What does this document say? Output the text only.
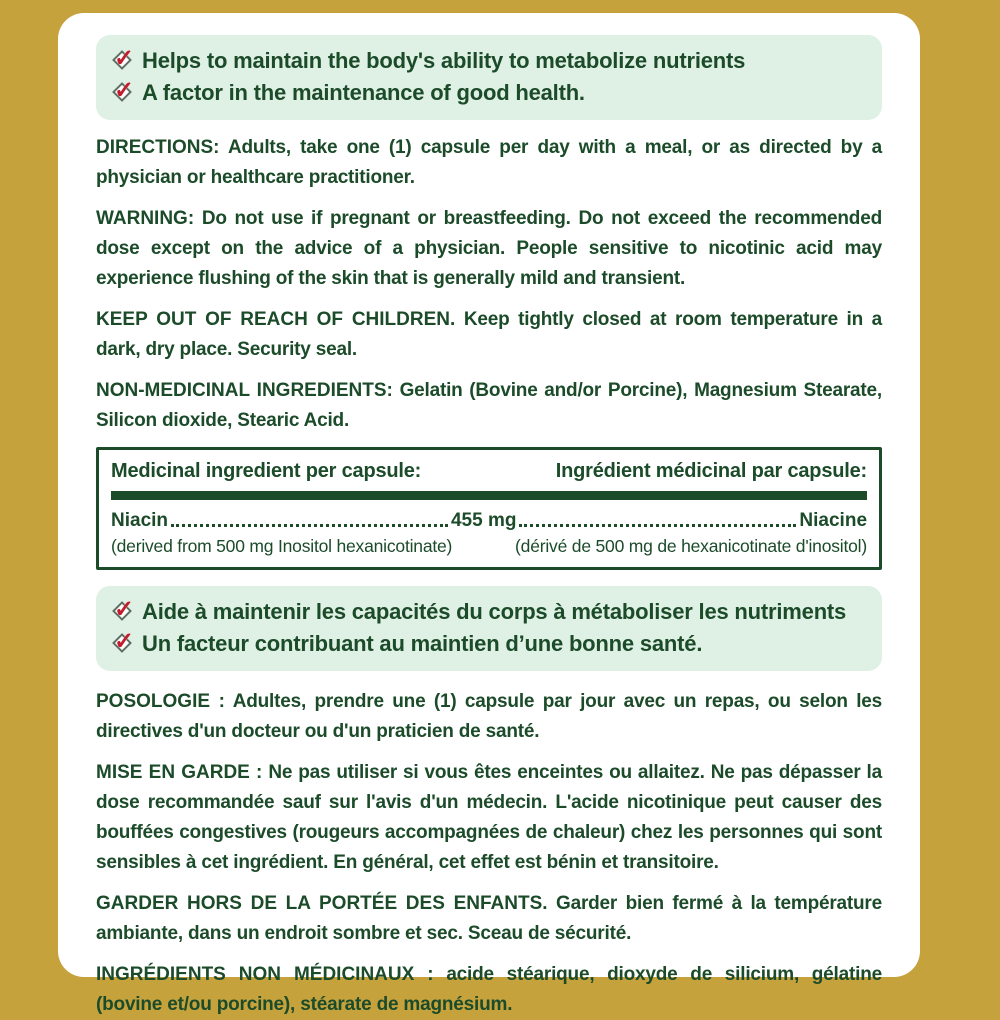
✓ Helps to maintain the body's ability to metabolize nutrients
✓ A factor in the maintenance of good health.

DIRECTIONS: Adults, take one (1) capsule per day with a meal, or as directed by a physician or healthcare practitioner.

WARNING: Do not use if pregnant or breastfeeding. Do not exceed the recommended dose except on the advice of a physician. People sensitive to nicotinic acid may experience flushing of the skin that is generally mild and transient.

KEEP OUT OF REACH OF CHILDREN. Keep tightly closed at room temperature in a dark, dry place. Security seal.

NON-MEDICINAL INGREDIENTS: Gelatin (Bovine and/or Porcine), Magnesium Stearate, Silicon dioxide, Stearic Acid.

Medicinal ingredient per capsule:	Ingrédient médicinal par capsule:
Niacin	455 mg	Niacine
(derived from 500 mg Inositol hexanicotinate)	(dérivé de 500 mg de hexanicotinate d'inositol)
✓ Aide à maintenir les capacités du corps à métaboliser les nutriments
✓ Un facteur contribuant au maintien d’une bonne santé.

POSOLOGIE : Adultes, prendre une (1) capsule par jour avec un repas, ou selon les directives d'un docteur ou d'un praticien de santé.

MISE EN GARDE : Ne pas utiliser si vous êtes enceintes ou allaitez. Ne pas dépasser la dose recommandée sauf sur l'avis d'un médecin. L'acide nicotinique peut causer des bouffées congestives (rougeurs accompagnées de chaleur) chez les personnes qui sont sensibles à cet ingrédient. En général, cet effet est bénin et transitoire.

GARDER HORS DE LA PORTÉE DES ENFANTS. Garder bien fermé à la température ambiante, dans un endroit sombre et sec. Sceau de sécurité.

INGRÉDIENTS NON MÉDICINAUX : acide stéarique, dioxyde de silicium, gélatine (bovine et/ou porcine), stéarate de magnésium.
